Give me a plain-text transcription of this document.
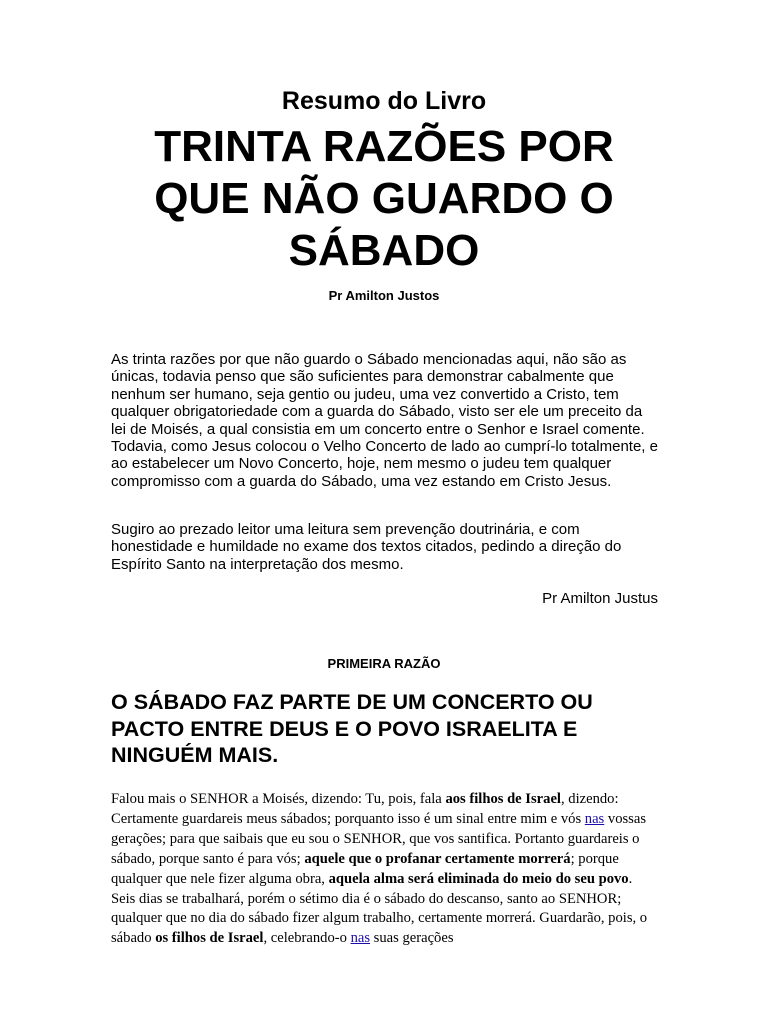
Resumo do Livro
TRINTA RAZÕES POR QUE NÃO GUARDO O SÁBADO
Pr Amilton Justos

As trinta razões por que não guardo o Sábado mencionadas aqui, não são as únicas, todavia penso que são suficientes para demonstrar cabalmente que nenhum ser humano, seja gentio ou judeu, uma vez convertido a Cristo, tem qualquer obrigatoriedade com a guarda do Sábado, visto ser ele um preceito da lei de Moisés, a qual consistia em um concerto entre o Senhor e Israel comente. Todavia, como Jesus colocou o Velho Concerto de lado ao cumprí-lo totalmente, e ao estabelecer um Novo Concerto, hoje, nem mesmo o judeu tem qualquer compromisso com a guarda do Sábado, uma vez estando em Cristo Jesus.

Sugiro ao prezado leitor uma leitura sem prevenção doutrinária, e com honestidade e humildade no exame dos textos citados, pedindo a direção do Espírito Santo na interpretação dos mesmo.

Pr Amilton Justus
PRIMEIRA RAZÃO
O SÁBADO FAZ PARTE DE UM CONCERTO OU PACTO ENTRE DEUS E O POVO ISRAELITA E NINGUÉM MAIS.

Falou mais o SENHOR a Moisés, dizendo: Tu, pois, fala aos filhos de Israel, dizendo: Certamente guardareis meus sábados; porquanto isso é um sinal entre mim e vós nas vossas gerações; para que saibais que eu sou o SENHOR, que vos santifica. Portanto guardareis o sábado, porque santo é para vós; aquele que o profanar certamente morrerá; porque qualquer que nele fizer alguma obra, aquela alma será eliminada do meio do seu povo. Seis dias se trabalhará, porém o sétimo dia é o sábado do descanso, santo ao SENHOR; qualquer que no dia do sábado fizer algum trabalho, certamente morrerá. Guardarão, pois, o sábado os filhos de Israel, celebrando-o nas suas gerações
